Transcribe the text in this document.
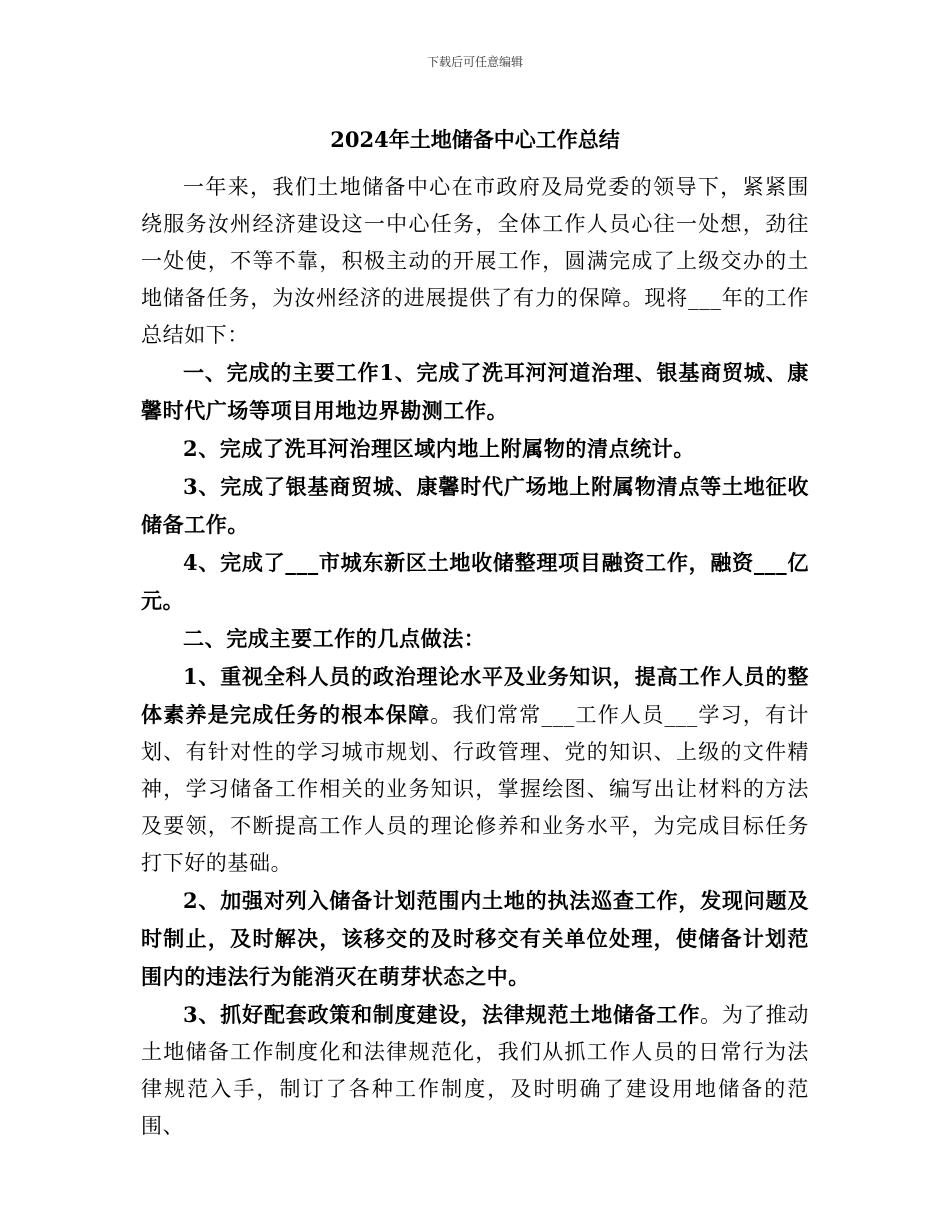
下载后可任意编辑
2024年土地储备中心工作总结

一年来，我们土地储备中心在市政府及局党委的领导下，紧紧围绕服务汝州经济建设这一中心任务，全体工作人员心往一处想，劲往一处使，不等不靠，积极主动的开展工作，圆满完成了上级交办的土地储备任务，为汝州经济的进展提供了有力的保障。现将___年的工作总结如下：

一、完成的主要工作1、完成了洗耳河河道治理、银基商贸城、康馨时代广场等项目用地边界勘测工作。

2、完成了洗耳河治理区域内地上附属物的清点统计。

3、完成了银基商贸城、康馨时代广场地上附属物清点等土地征收储备工作。

4、完成了___市城东新区土地收储整理项目融资工作，融资___亿元。

二、完成主要工作的几点做法：

1、重视全科人员的政治理论水平及业务知识，提高工作人员的整体素养是完成任务的根本保障。我们常常___工作人员___学习，有计划、有针对性的学习城市规划、行政管理、党的知识、上级的文件精神，学习储备工作相关的业务知识，掌握绘图、编写出让材料的方法及要领，不断提高工作人员的理论修养和业务水平，为完成目标任务打下好的基础。

2、加强对列入储备计划范围内土地的执法巡查工作，发现问题及时制止，及时解决，该移交的及时移交有关单位处理，使储备计划范围内的违法行为能消灭在萌芽状态之中。

3、抓好配套政策和制度建设，法律规范土地储备工作。为了推动土地储备工作制度化和法律规范化，我们从抓工作人员的日常行为法律规范入手，制订了各种工作制度，及时明确了建设用地储备的范围、
